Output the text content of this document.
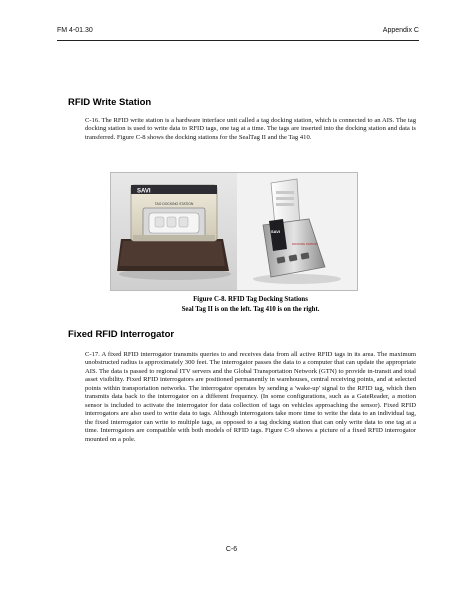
FM 4-01.30	Appendix C
RFID Write Station

C-16. The RFID write station is a hardware interface unit called a tag docking station, which is connected to an AIS. The tag docking station is used to write data to RFID tags, one tag at a time. The tags are inserted into the docking station and data is transferred. Figure C-8 shows the docking stations for the SealTag II and the Tag 410.

SAVI
TAG DOCKING STATION
SAVI
DOCKING STATION

Figure C-8. RFID Tag Docking Stations

Seal Tag II is on the left. Tag 410 is on the right.

Fixed RFID Interrogator

C-17. A fixed RFID interrogator transmits queries to and receives data from all active RFID tags in its area. The maximum unobstructed radius is approximately 300 feet. The interrogator passes the data to a computer that can update the appropriate AIS. The data is passed to regional ITV servers and the Global Transportation Network (GTN) to provide in-transit and total asset visibility. Fixed RFID interrogators are positioned permanently in warehouses, central receiving points, and at selected points within transportation networks. The interrogator operates by sending a 'wake-up' signal to the RFID tag, which then transmits data back to the interrogator on a different frequency. (In some configurations, such as a GateReader, a motion sensor is included to activate the interrogator for data collection of tags on vehicles approaching the sensor). Fixed RFID interrogators are also used to write data to tags. Although interrogators take more time to write the data to an individual tag, the fixed interrogator can write to multiple tags, as opposed to a tag docking station that can only write data to one tag at a time. Interrogators are compatible with both models of RFID tags. Figure C-9 shows a picture of a fixed RFID interrogator mounted on a pole.

C-6
